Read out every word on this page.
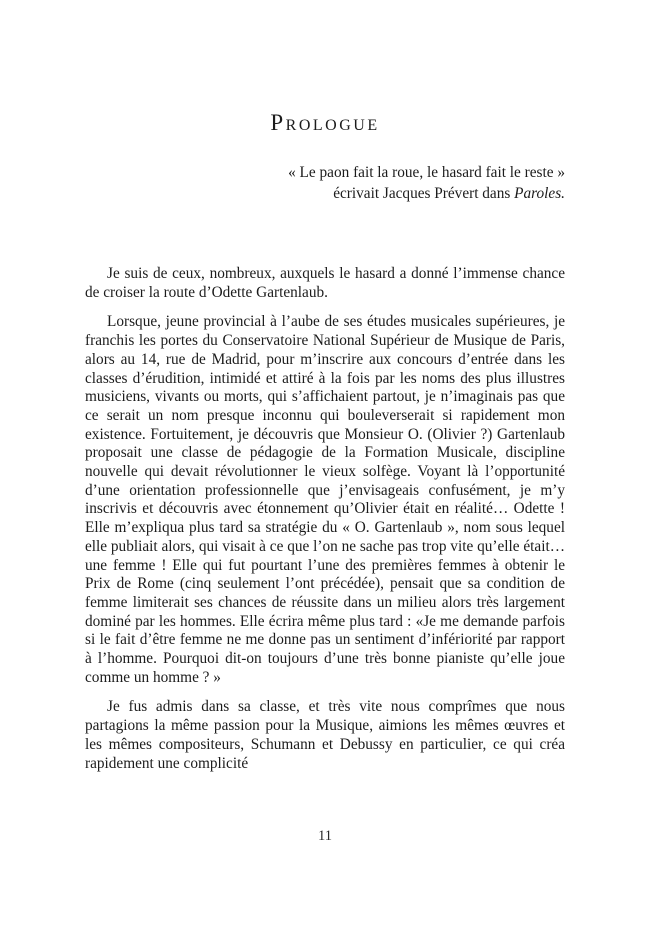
Prologue
« Le paon fait la roue, le hasard fait le reste »
écrivait Jacques Prévert dans Paroles.

Je suis de ceux, nombreux, auxquels le hasard a donné l’immense chance de croiser la route d’Odette Gartenlaub.

Lorsque, jeune provincial à l’aube de ses études musicales supérieures, je franchis les portes du Conservatoire National Supérieur de Musique de Paris, alors au 14, rue de Madrid, pour m’inscrire aux concours d’entrée dans les classes d’érudition, intimidé et attiré à la fois par les noms des plus illustres musiciens, vivants ou morts, qui s’affichaient partout, je n’imaginais pas que ce serait un nom presque inconnu qui bouleverserait si rapidement mon existence. Fortuitement, je découvris que Monsieur O. (Olivier ?) Gartenlaub proposait une classe de pédagogie de la Formation Musicale, discipline nouvelle qui devait révolutionner le vieux solfège. Voyant là l’opportunité d’une orientation professionnelle que j’envisageais confusément, je m’y inscrivis et découvris avec étonnement qu’Olivier était en réalité… Odette ! Elle m’expliqua plus tard sa stratégie du « O. Gartenlaub », nom sous lequel elle publiait alors, qui visait à ce que l’on ne sache pas trop vite qu’elle était… une femme ! Elle qui fut pourtant l’une des premières femmes à obtenir le Prix de Rome (cinq seulement l’ont précédée), pensait que sa condition de femme limiterait ses chances de réussite dans un milieu alors très largement dominé par les hommes. Elle écrira même plus tard : «Je me demande parfois si le fait d’être femme ne me donne pas un sentiment d’infériorité par rapport à l’homme. Pourquoi dit-on toujours d’une très bonne pianiste qu’elle joue comme un homme ? »

Je fus admis dans sa classe, et très vite nous comprîmes que nous partagions la même passion pour la Musique, aimions les mêmes œuvres et les mêmes compositeurs, Schumann et Debussy en particulier, ce qui créa rapidement une complicité

11
